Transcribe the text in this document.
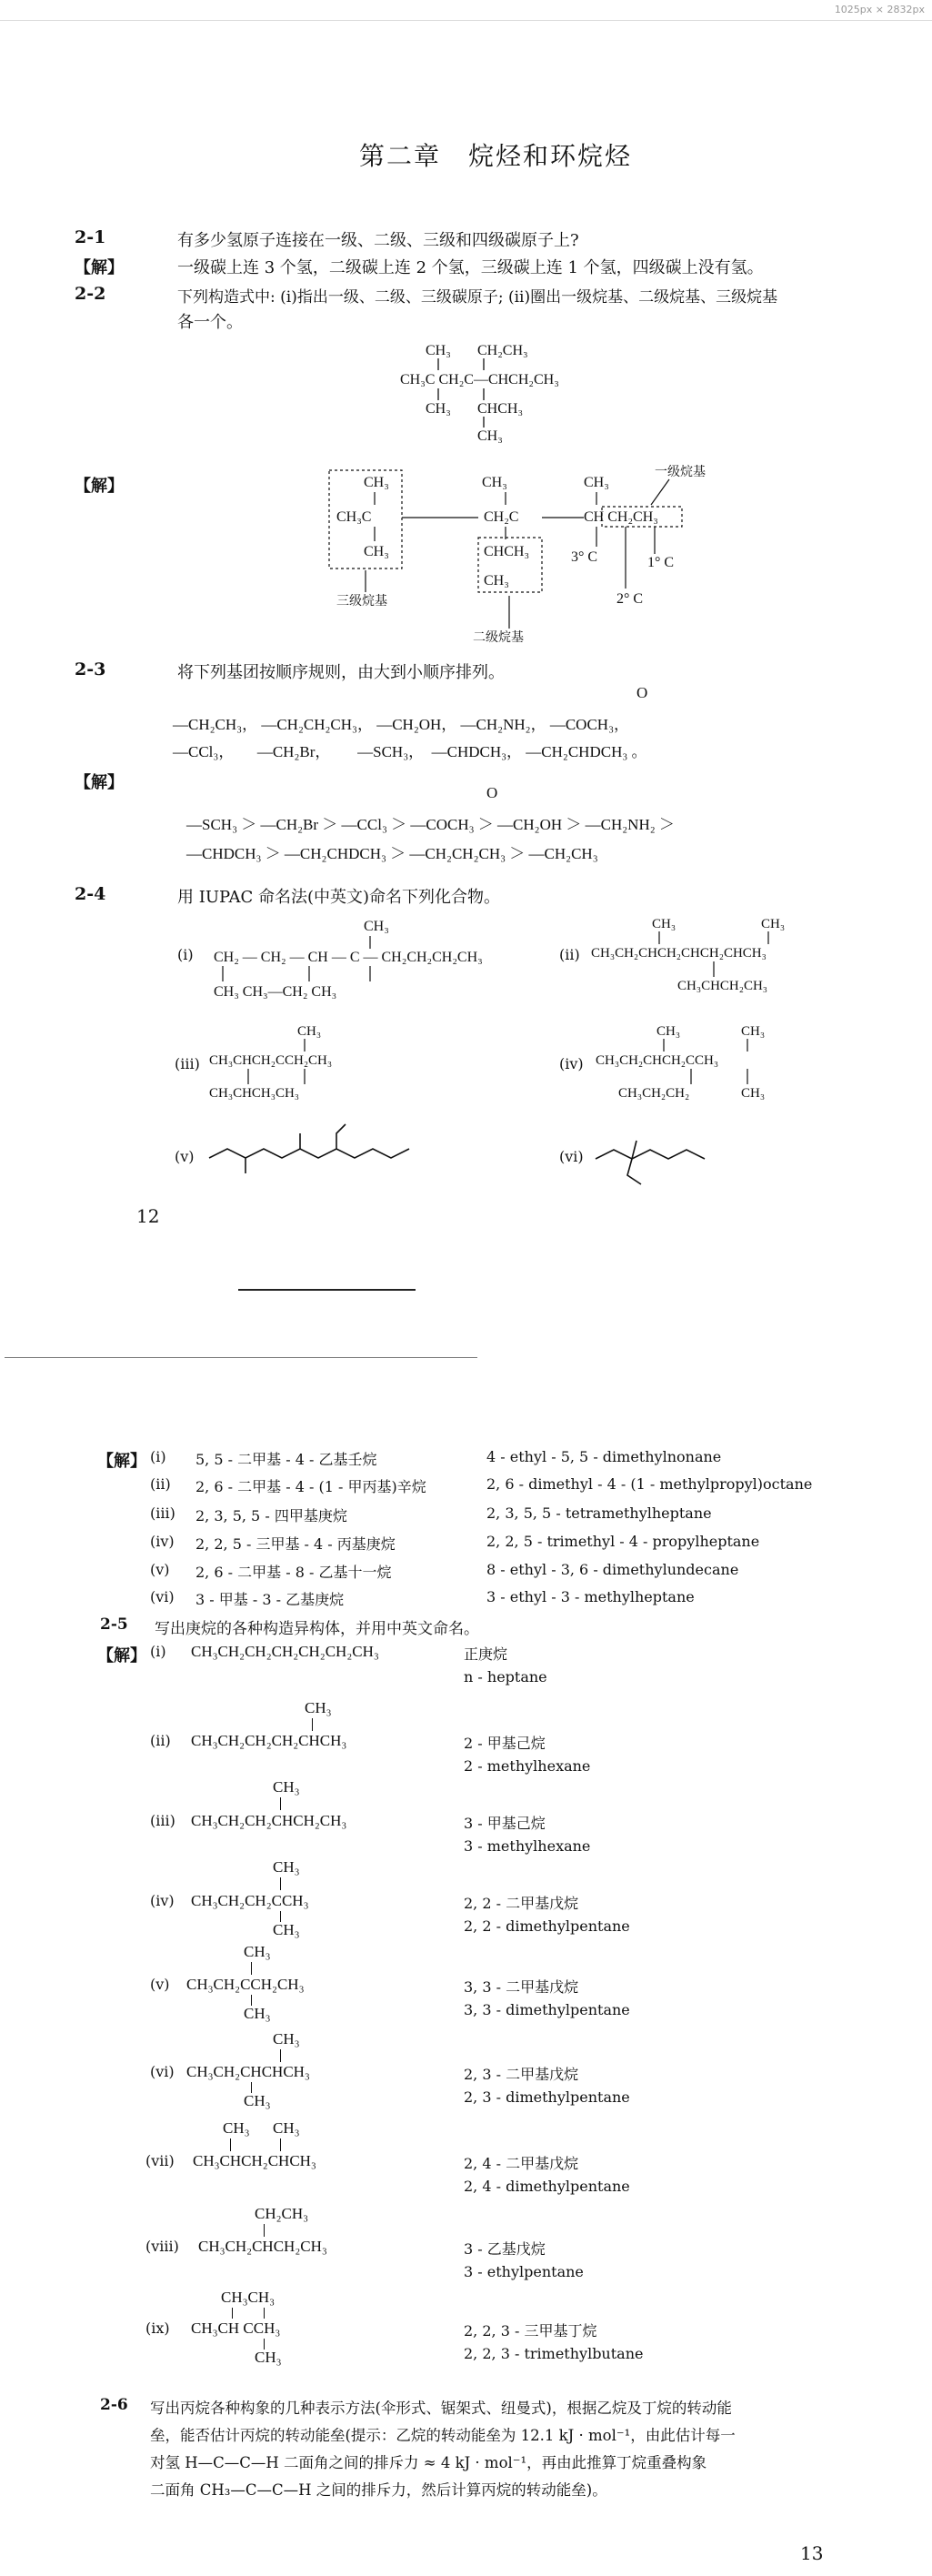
1025px × 2832px
第二章　烷烃和环烷烃
2-1	有多少氢原子连接在一级、二级、三级和四级碳原子上?
【解】	一级碳上连 3 个氢，二级碳上连 2 个氢，三级碳上连 1 个氢，四级碳上没有氢。
2-2	下列构造式中: (i)指出一级、二级、三级碳原子; (ii)圈出一级烷基、二级烷基、三级烷基
各一个。
CH₃ CH₂CH₃
CH₃C CH₂C—CHCH₂CH₃
CH₃ CHCH₃
CH₃
【解】	CH₃
CH₃C
CH₃
CH₃
CH₂C
CHCH₃
CH₃
CH₃
CH CH₂CH₃
3° C	1° C
2° C
一级烷基
三级烷基
二级烷基
2-3	将下列基团按顺序规则，由大到小顺序排列。
O
—CH₂CH₃， —CH₂CH₂CH₃， —CH₂OH， —CH₂NH₂， —COCH₃，
—CCl₃，　　—CH₂Br，　　 —SCH₃，　—CHDCH₃， —CH₂CHDCH₃ 。
【解】
O
—SCH₃ ＞ —CH₂Br ＞ —CCl₃ ＞ —COCH₃ ＞ —CH₂OH ＞ —CH₂NH₂ ＞
—CHDCH₃ ＞ —CH₂CHDCH₃ ＞ —CH₂CH₂CH₃ ＞ —CH₂CH₃
2-4	用 IUPAC 命名法(中英文)命名下列化合物。
(i)
CH₃
CH₂ — CH₂ — CH — C — CH₂CH₂CH₂CH₃
CH₃ CH₃—CH₂ CH₃
(ii)
CH₃	CH₃
CH₃CH₂CHCH₂CHCH₂CHCH₃
CH₃CHCH₂CH₃
(iii)
CH₃
CH₃CHCH₂CCH₂CH₃
CH₃CHCH₃CH₃
(iv)
CH₃	CH₃
CH₃CH₂CHCH₂CCH₃
CH₃CH₂CH₂	CH₃
(v)	(vi)
12
【解】 (i) 5, 5 - 二甲基 - 4 - 乙基壬烷	4 - ethyl - 5, 5 - dimethylnonane
(ii) 2, 6 - 二甲基 - 4 - (1 - 甲丙基)辛烷	2, 6 - dimethyl - 4 - (1 - methylpropyl)octane
(iii) 2, 3, 5, 5 - 四甲基庚烷	2, 3, 5, 5 - tetramethylheptane
(iv) 2, 2, 5 - 三甲基 - 4 - 丙基庚烷	2, 2, 5 - trimethyl - 4 - propylheptane
(v) 2, 6 - 二甲基 - 8 - 乙基十一烷	8 - ethyl - 3, 6 - dimethylundecane
(vi) 3 - 甲基 - 3 - 乙基庚烷	3 - ethyl - 3 - methylheptane
2-5 写出庚烷的各种构造异构体，并用中英文命名。
【解】 (i) CH₃CH₂CH₂CH₂CH₂CH₂CH₃	正庚烷
n - heptane
CH₃
(ii) CH₃CH₂CH₂CH₂CHCH₃	2 - 甲基己烷
2 - methylhexane
CH₃
(iii) CH₃CH₂CH₂CHCH₂CH₃	3 - 甲基己烷
3 - methylhexane
CH₃
(iv) CH₃CH₂CH₂CCH₃
CH₃
2, 2 - 二甲基戊烷
2, 2 - dimethylpentane
CH₃
(v) CH₃CH₂CCH₂CH₃
CH₃
3, 3 - 二甲基戊烷
3, 3 - dimethylpentane
CH₃
(vi) CH₃CH₂CHCHCH₃
CH₃
2, 3 - 二甲基戊烷
2, 3 - dimethylpentane
CH₃ CH₃
(vii) CH₃CHCH₂CHCH₃	2, 4 - 二甲基戊烷
2, 4 - dimethylpentane
CH₂CH₃
(viii) CH₃CH₂CHCH₂CH₃	3 - 乙基戊烷
3 - ethylpentane
CH₃CH₃
(ix) CH₃CH CCH₃
CH₃
2, 2, 3 - 三甲基丁烷
2, 2, 3 - trimethylbutane
2-6 写出丙烷各种构象的几种表示方法(伞形式、锯架式、纽曼式)，根据乙烷及丁烷的转动能
垒，能否估计丙烷的转动能垒(提示：乙烷的转动能垒为 12.1 kJ · mol⁻¹，由此估计每一
对氢 H—C—C—H 二面角之间的排斥力 ≈ 4 kJ · mol⁻¹，再由此推算丁烷重叠构象
二面角 CH₃—C—C—H 之间的排斥力，然后计算丙烷的转动能垒)。
13
